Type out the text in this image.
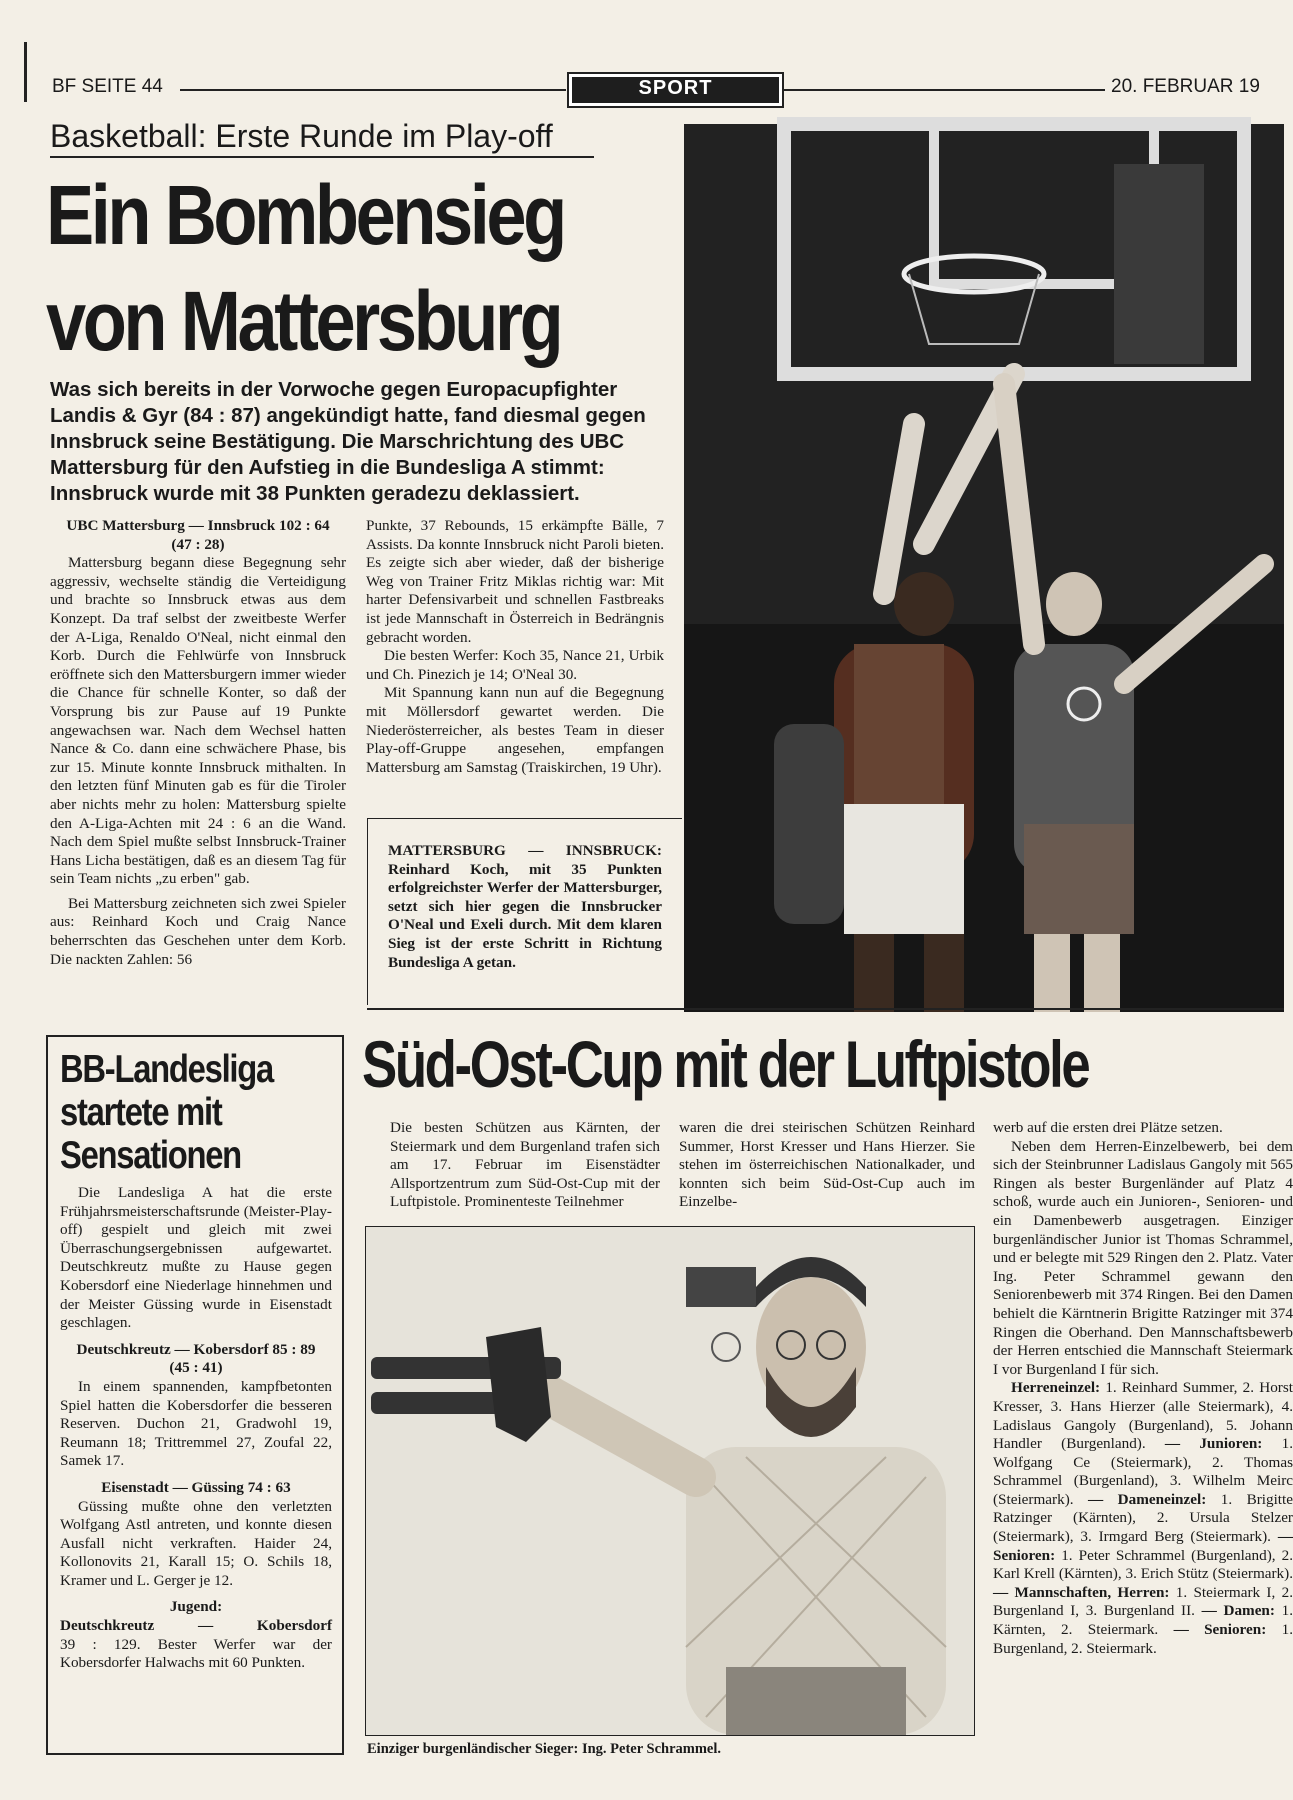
BF SEITE 44	SPORT	20. FEBRUAR 19
Basketball: Erste Runde im Play-off
Ein Bombensieg
von Mattersburg
Was sich bereits in der Vorwoche gegen Europacupfighter Landis & Gyr (84 : 87) angekündigt hatte, fand diesmal gegen Innsbruck seine Bestätigung. Die Marschrichtung des UBC Mattersburg für den Aufstieg in die Bundesliga A stimmt: Innsbruck wurde mit 38 Punkten geradezu deklassiert.

UBC Mattersburg — Innsbruck 102 : 64

(47 : 28)

Mattersburg begann diese Begegnung sehr aggressiv, wechselte ständig die Verteidigung und brachte so Innsbruck etwas aus dem Konzept. Da traf selbst der zweitbeste Werfer der A-Liga, Renaldo O'Neal, nicht einmal den Korb. Durch die Fehlwürfe von Innsbruck eröffnete sich den Mattersburgern immer wieder die Chance für schnelle Konter, so daß der Vorsprung bis zur Pause auf 19 Punkte angewachsen war. Nach dem Wechsel hatten Nance & Co. dann eine schwächere Phase, bis zur 15. Minute konnte Innsbruck mithalten. In den letzten fünf Minuten gab es für die Tiroler aber nichts mehr zu holen: Mattersburg spielte den A-Liga-Achten mit 24 : 6 an die Wand. Nach dem Spiel mußte selbst Innsbruck-Trainer Hans Licha bestätigen, daß es an diesem Tag für sein Team nichts „zu erben" gab.

Bei Mattersburg zeichneten sich zwei Spieler aus: Reinhard Koch und Craig Nance beherrschten das Geschehen unter dem Korb. Die nackten Zahlen: 56

Punkte, 37 Rebounds, 15 erkämpfte Bälle, 7 Assists. Da konnte Innsbruck nicht Paroli bieten. Es zeigte sich aber wieder, daß der bisherige Weg von Trainer Fritz Miklas richtig war: Mit harter Defensivarbeit und schnellen Fastbreaks ist jede Mannschaft in Österreich in Bedrängnis gebracht worden.

Die besten Werfer: Koch 35, Nance 21, Urbik und Ch. Pinezich je 14; O'Neal 30.

Mit Spannung kann nun auf die Begegnung mit Möllersdorf gewartet werden. Die Niederösterreicher, als bestes Team in dieser Play-off-Gruppe angesehen, empfangen Mattersburg am Samstag (Traiskirchen, 19 Uhr).

MATTERSBURG — INNSBRUCK: Reinhard Koch, mit 35 Punkten erfolgreichster Werfer der Mattersburger, setzt sich hier gegen die Innsbrucker O'Neal und Exeli durch. Mit dem klaren Sieg ist der erste Schritt in Richtung Bundesliga A getan.
BB-Landesliga
startete mit
Sensationen

Die Landesliga A hat die erste Frühjahrsmeisterschaftsrunde (Meister-Play-off) gespielt und gleich mit zwei Überraschungsergebnissen aufgewartet. Deutschkreutz mußte zu Hause gegen Kobersdorf eine Niederlage hinnehmen und der Meister Güssing wurde in Eisenstadt geschlagen.

Deutschkreutz — Kobersdorf 85 : 89

(45 : 41)

In einem spannenden, kampfbetonten Spiel hatten die Kobersdorfer die besseren Reserven. Duchon 21, Gradwohl 19, Reumann 18; Trittremmel 27, Zoufal 22, Samek 17.

Eisenstadt — Güssing 74 : 63

Güssing mußte ohne den verletzten Wolfgang Astl antreten, und konnte diesen Ausfall nicht verkraften. Haider 24, Kollonovits 21, Karall 15; O. Schils 18, Kramer und L. Gerger je 12.

Jugend:

Deutschkreutz — Kobersdorf

39 : 129. Bester Werfer war der Kobersdorfer Halwachs mit 60 Punkten.

Süd-Ost-Cup mit der Luftpistole

Die besten Schützen aus Kärnten, der Steiermark und dem Burgenland trafen sich am 17. Februar im Eisenstädter Allsportzentrum zum Süd-Ost-Cup mit der Luftpistole. Prominenteste Teilnehmer

waren die drei steirischen Schützen Reinhard Summer, Horst Kresser und Hans Hierzer. Sie stehen im österreichischen Nationalkader, und konnten sich beim Süd-Ost-Cup auch im Einzelbe-

werb auf die ersten drei Plätze setzen.

Neben dem Herren-Einzelbewerb, bei dem sich der Steinbrunner Ladislaus Gangoly mit 565 Ringen als bester Burgenländer auf Platz 4 schoß, wurde auch ein Junioren-, Senioren- und ein Damenbewerb ausgetragen. Einziger burgenländischer Junior ist Thomas Schrammel, und er belegte mit 529 Ringen den 2. Platz. Vater Ing. Peter Schrammel gewann den Seniorenbewerb mit 374 Ringen. Bei den Damen behielt die Kärntnerin Brigitte Ratzinger mit 374 Ringen die Oberhand. Den Mannschaftsbewerb der Herren entschied die Mannschaft Steiermark I vor Burgenland I für sich.

Herreneinzel: 1. Reinhard Summer, 2. Horst Kresser, 3. Hans Hierzer (alle Steiermark), 4. Ladislaus Gangoly (Burgenland), 5. Johann Handler (Burgenland). — Junioren: 1. Wolfgang Ce (Steiermark), 2. Thomas Schrammel (Burgenland), 3. Wilhelm Meirc (Steiermark). — Dameneinzel: 1. Brigitte Ratzinger (Kärnten), 2. Ursula Stelzer (Steiermark), 3. Irmgard Berg (Steiermark). — Senioren: 1. Peter Schrammel (Burgenland), 2. Karl Krell (Kärnten), 3. Erich Stütz (Steiermark). — Mannschaften, Herren: 1. Steiermark I, 2. Burgenland I, 3. Burgenland II. — Damen: 1. Kärnten, 2. Steiermark. — Senioren: 1. Burgenland, 2. Steiermark.

Einziger burgenländischer Sieger: Ing. Peter Schrammel.
